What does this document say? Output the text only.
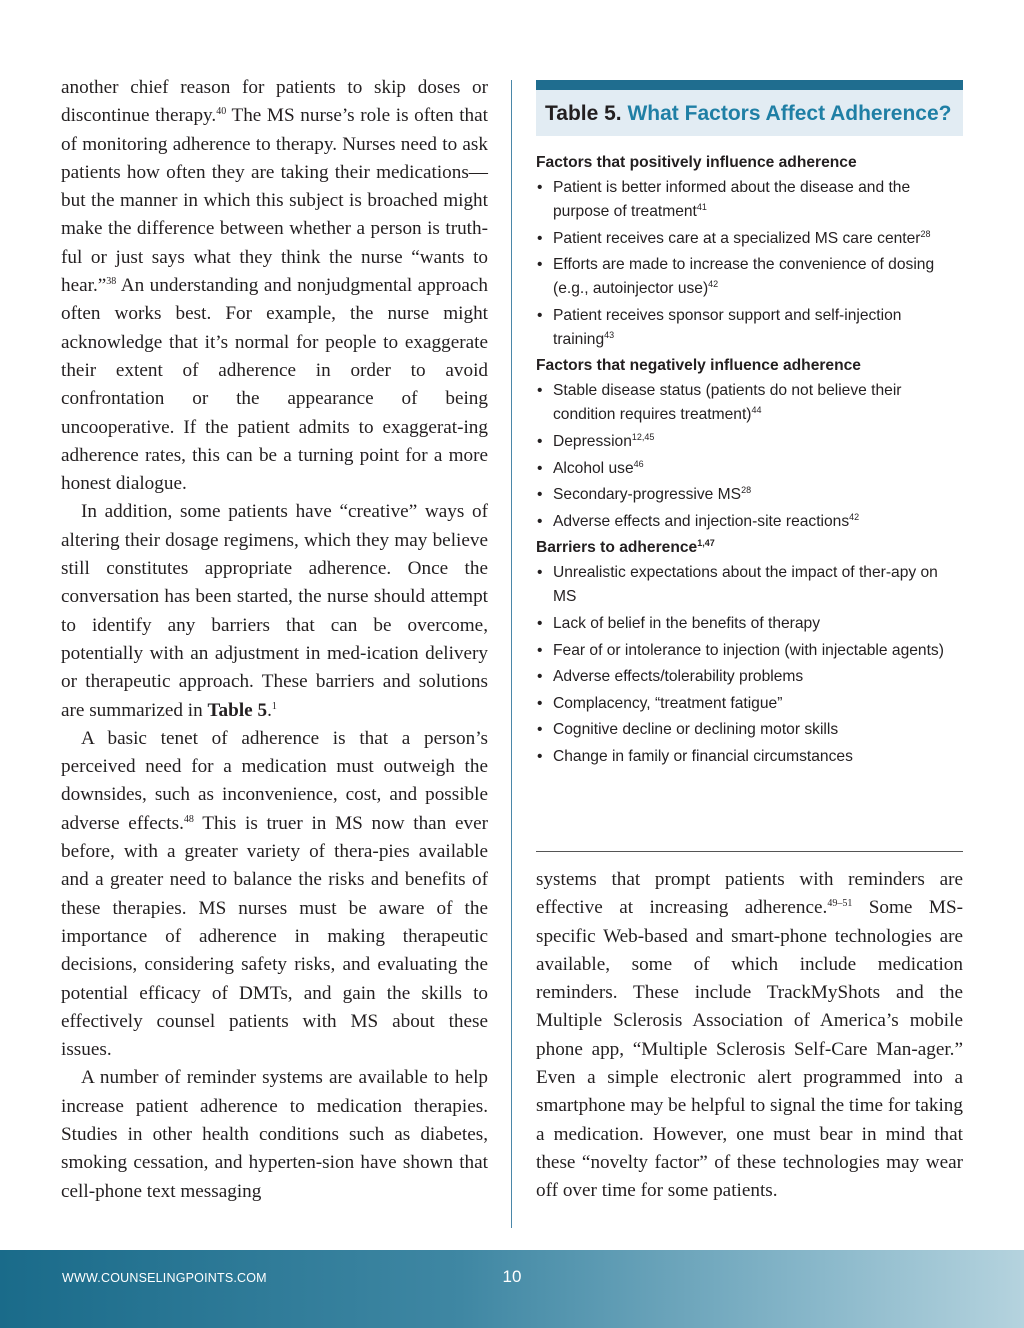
another chief reason for patients to skip doses or discontinue therapy.$^{40}$ The MS nurse’s role is often that of monitoring adherence to therapy. Nurses need to ask patients how often they are taking their medications—but the manner in which this subject is broached might make the difference between whether a person is truth-ful or just says what they think the nurse “wants to hear.”$^{38}$ An understanding and nonjudgmental approach often works best. For example, the nurse might acknowledge that it’s normal for people to exaggerate their extent of adherence in order to avoid confrontation or the appearance of being uncooperative. If the patient admits to exaggerat-ing adherence rates, this can be a turning point for a more honest dialogue.

In addition, some patients have “creative” ways of altering their dosage regimens, which they may believe still constitutes appropriate adherence. Once the conversation has been started, the nurse should attempt to identify any barriers that can be overcome, potentially with an adjustment in med-ication delivery or therapeutic approach. These barriers and solutions are summarized in Table 5.$^1$

A basic tenet of adherence is that a person’s perceived need for a medication must outweigh the downsides, such as inconvenience, cost, and possible adverse effects.$^{48}$ This is truer in MS now than ever before, with a greater variety of thera-pies available and a greater need to balance the risks and benefits of these therapies. MS nurses must be aware of the importance of adherence in making therapeutic decisions, considering safety risks, and evaluating the potential efficacy of DMTs, and gain the skills to effectively counsel patients with MS about these issues.

A number of reminder systems are available to help increase patient adherence to medication therapies. Studies in other health conditions such as diabetes, smoking cessation, and hyperten-sion have shown that cell-phone text messaging

Table 5. What Factors Affect Adherence?
Factors that positively influence adherence
• Patient is better informed about the disease and the purpose of treatment$^{41}$
• Patient receives care at a specialized MS care center$^{28}$
• Efforts are made to increase the convenience of dosing (e.g., autoinjector use)$^{42}$
• Patient receives sponsor support and self-injection training$^{43}$
Factors that negatively influence adherence
• Stable disease status (patients do not believe their condition requires treatment)$^{44}$
• Depression$^{12,45}$
• Alcohol use$^{46}$
• Secondary-progressive MS$^{28}$
• Adverse effects and injection-site reactions$^{42}$
Barriers to adherence$^{1,47}$
• Unrealistic expectations about the impact of ther-apy on MS
• Lack of belief in the benefits of therapy
• Fear of or intolerance to injection (with injectable agents)
• Adverse effects/tolerability problems
• Complacency, “treatment fatigue”
• Cognitive decline or declining motor skills
• Change in family or financial circumstances

systems that prompt patients with reminders are effective at increasing adherence.$^{49-51}$ Some MS-specific Web-based and smart-phone technologies are available, some of which include medication reminders. These include TrackMyShots and the Multiple Sclerosis Association of America’s mobile phone app, “Multiple Sclerosis Self-Care Man-ager.” Even a simple electronic alert programmed into a smartphone may be helpful to signal the time for taking a medication. However, one must bear in mind that these “novelty factor” of these technologies may wear off over time for some patients.

WWW.COUNSELINGPOINTS.COM	10
